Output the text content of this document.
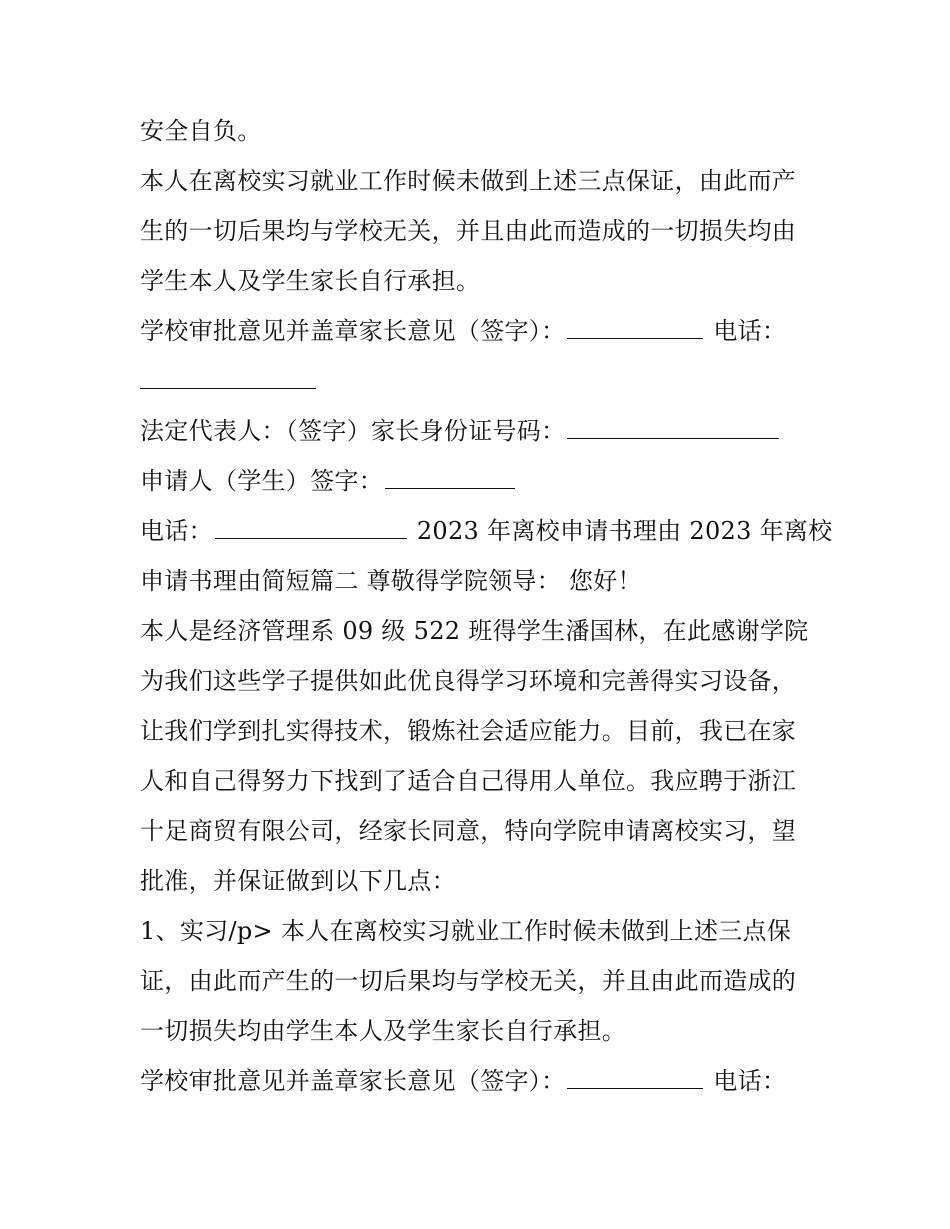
安全自负。
本人在离校实习就业工作时候未做到上述三点保证，由此而产
生的一切后果均与学校无关，并且由此而造成的一切损失均由
学生本人及学生家长自行承担。
学校审批意见并盖章家长意见（签字）：	电话：
法定代表人：（签字）家长身份证号码：
申请人（学生）签字：
电话：	2023 年离校申请书理由 2023 年离校
申请书理由简短篇二 尊敬得学院领导： 您好！
本人是经济管理系 09 级 522 班得学生潘国林，在此感谢学院
为我们这些学子提供如此优良得学习环境和完善得实习设备，
让我们学到扎实得技术，锻炼社会适应能力。目前，我已在家
人和自己得努力下找到了适合自己得用人单位。我应聘于浙江
十足商贸有限公司，经家长同意，特向学院申请离校实习，望
批准，并保证做到以下几点：
1、实习/p> 本人在离校实习就业工作时候未做到上述三点保
证，由此而产生的一切后果均与学校无关，并且由此而造成的
一切损失均由学生本人及学生家长自行承担。
学校审批意见并盖章家长意见（签字）：	电话：
